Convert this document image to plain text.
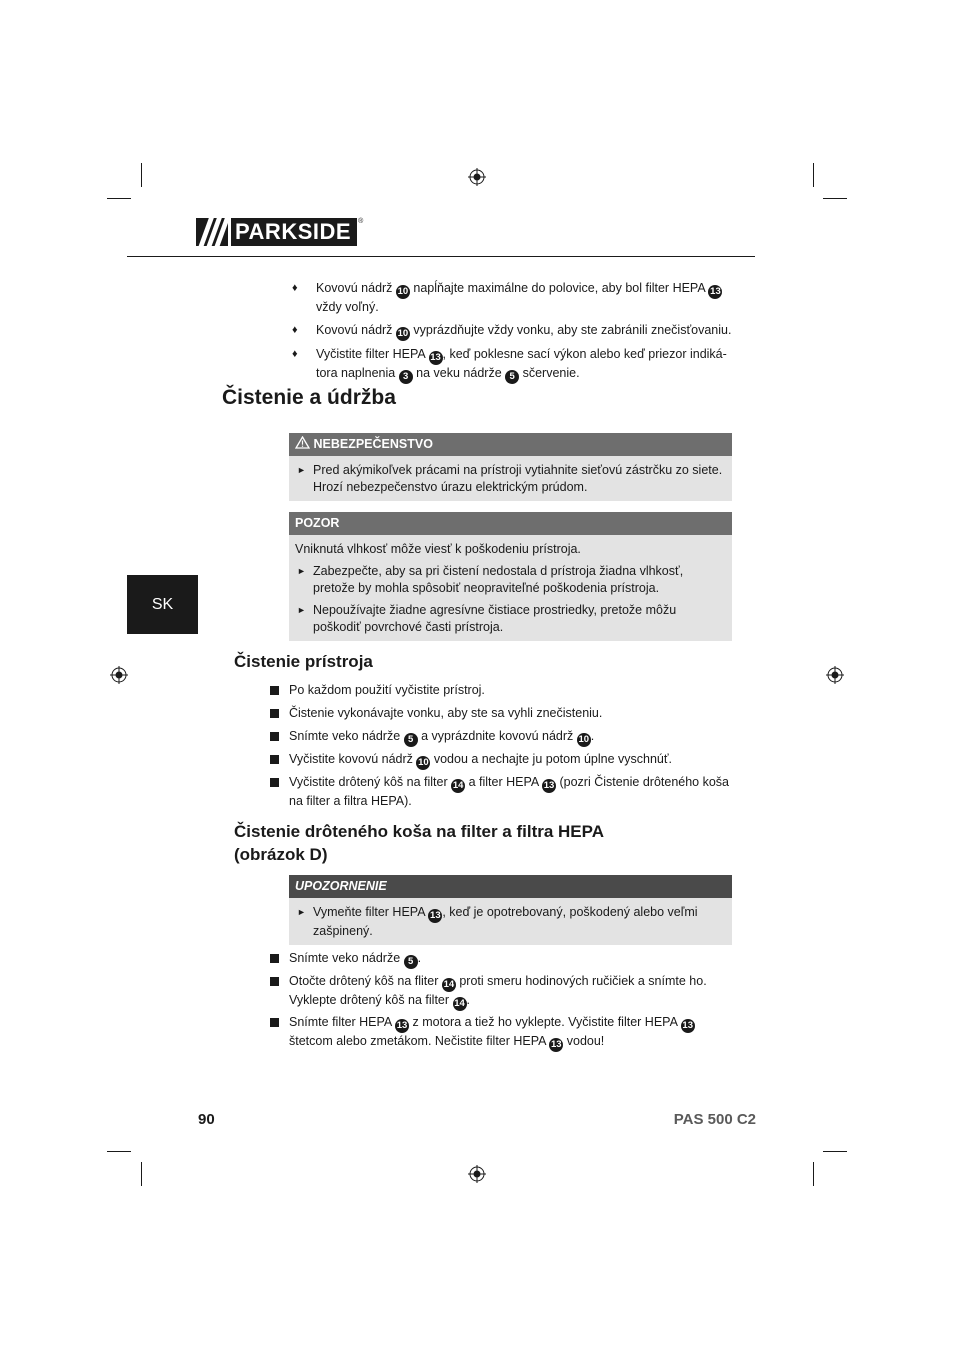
PARKSIDE	®
♦ Kovovú nádrž 10 napĺňajte maximálne do polovice, aby bol filter HEPA 13 vždy voľný.
♦ Kovovú nádrž 10 vyprázdňujte vždy vonku, aby ste zabránili znečisťovaniu.
♦ Vyčistite filter HEPA 13 , keď poklesne sací výkon alebo keď priezor indiká-tora naplnenia 3 na veku nádrže 5 sčervenie.
Čistenie a údržba
NEBEZPEČENSTVO
► Pred akýmikoľvek prácami na prístroji vytiahnite sieťovú zástrčku zo siete. Hrozí nebezpečenstvo úrazu elektrickým prúdom.
POZOR
Vniknutá vlhkosť môže viesť k poškodeniu prístroja.
► Zabezpečte, aby sa pri čistení nedostala d prístroja žiadna vlhkosť, pretože by mohla spôsobiť neopraviteľné poškodenia prístroja.
► Nepoužívajte žiadne agresívne čistiace prostriedky, pretože môžu poškodiť povrchové časti prístroja.
SK
Čistenie prístroja
Po každom použití vyčistite prístroj.
Čistenie vykonávajte vonku, aby ste sa vyhli znečisteniu.
Snímte veko nádrže 5 a vyprázdnite kovovú nádrž 10 .
Vyčistite kovovú nádrž 10 vodou a nechajte ju potom úplne vyschnúť.
Vyčistite drôtený kôš na filter 14 a filter HEPA 13 (pozri Čistenie drôteného koša na filter a filtra HEPA).
Čistenie drôteného koša na filter a filtra HEPA
(obrázok D)
UPOZORNENIE
► Vymeňte filter HEPA 13 , keď je opotrebovaný, poškodený alebo veľmi zašpinený.
Snímte veko nádrže 5 .
Otočte drôtený kôš na fliter 14 proti smeru hodinových ručičiek a snímte ho. Vyklepte drôtený kôš na filter 14 .
Snímte filter HEPA 13 z motora a tiež ho vyklepte. Vyčistite filter HEPA 13 štetcom alebo zmetákom. Nečistite filter HEPA 13 vodou!
90	PAS 500 C2
